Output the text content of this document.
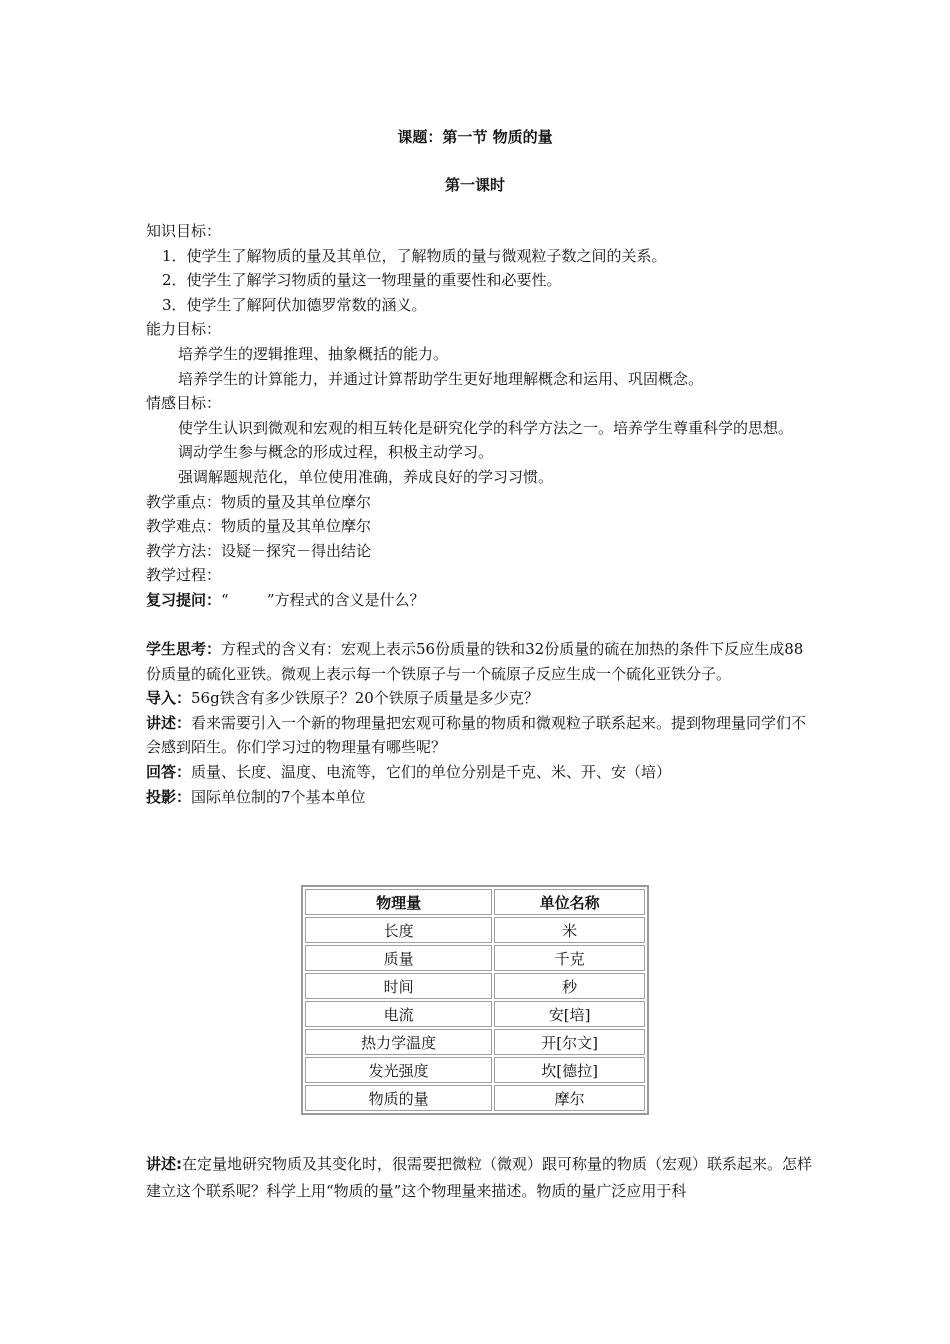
课题：第一节 物质的量
第一课时

知识目标：

1．使学生了解物质的量及其单位，了解物质的量与微观粒子数之间的关系。

2．使学生了解学习物质的量这一物理量的重要性和必要性。

3．使学生了解阿伏加德罗常数的涵义。

能力目标：

培养学生的逻辑推理、抽象概括的能力。

培养学生的计算能力，并通过计算帮助学生更好地理解概念和运用、巩固概念。

情感目标：

使学生认识到微观和宏观的相互转化是研究化学的科学方法之一。培养学生尊重科学的思想。

调动学生参与概念的形成过程，积极主动学习。

强调解题规范化，单位使用准确，养成良好的学习习惯。

教学重点：物质的量及其单位摩尔

教学难点：物质的量及其单位摩尔

教学方法：设疑－探究－得出结论

教学过程：

复习提问：“        ”方程式的含义是什么？

学生思考：方程式的含义有：宏观上表示56份质量的铁和32份质量的硫在加热的条件下反应生成88份质量的硫化亚铁。微观上表示每一个铁原子与一个硫原子反应生成一个硫化亚铁分子。

导入：56g铁含有多少铁原子？20个铁原子质量是多少克？

讲述：看来需要引入一个新的物理量把宏观可称量的物质和微观粒子联系起来。提到物理量同学们不会感到陌生。你们学习过的物理量有哪些呢？

回答：质量、长度、温度、电流等，它们的单位分别是千克、米、开、安（培）

投影：国际单位制的7个基本单位

物理量	单位名称
长度	米
质量	千克
时间	秒
电流	安[培]
热力学温度	开[尔文]
发光强度	坎[德拉]
物质的量	摩尔

讲述:在定量地研究物质及其变化时，很需要把微粒（微观）跟可称量的物质（宏观）联系起来。怎样建立这个联系呢？科学上用“物质的量”这个物理量来描述。物质的量广泛应用于科
